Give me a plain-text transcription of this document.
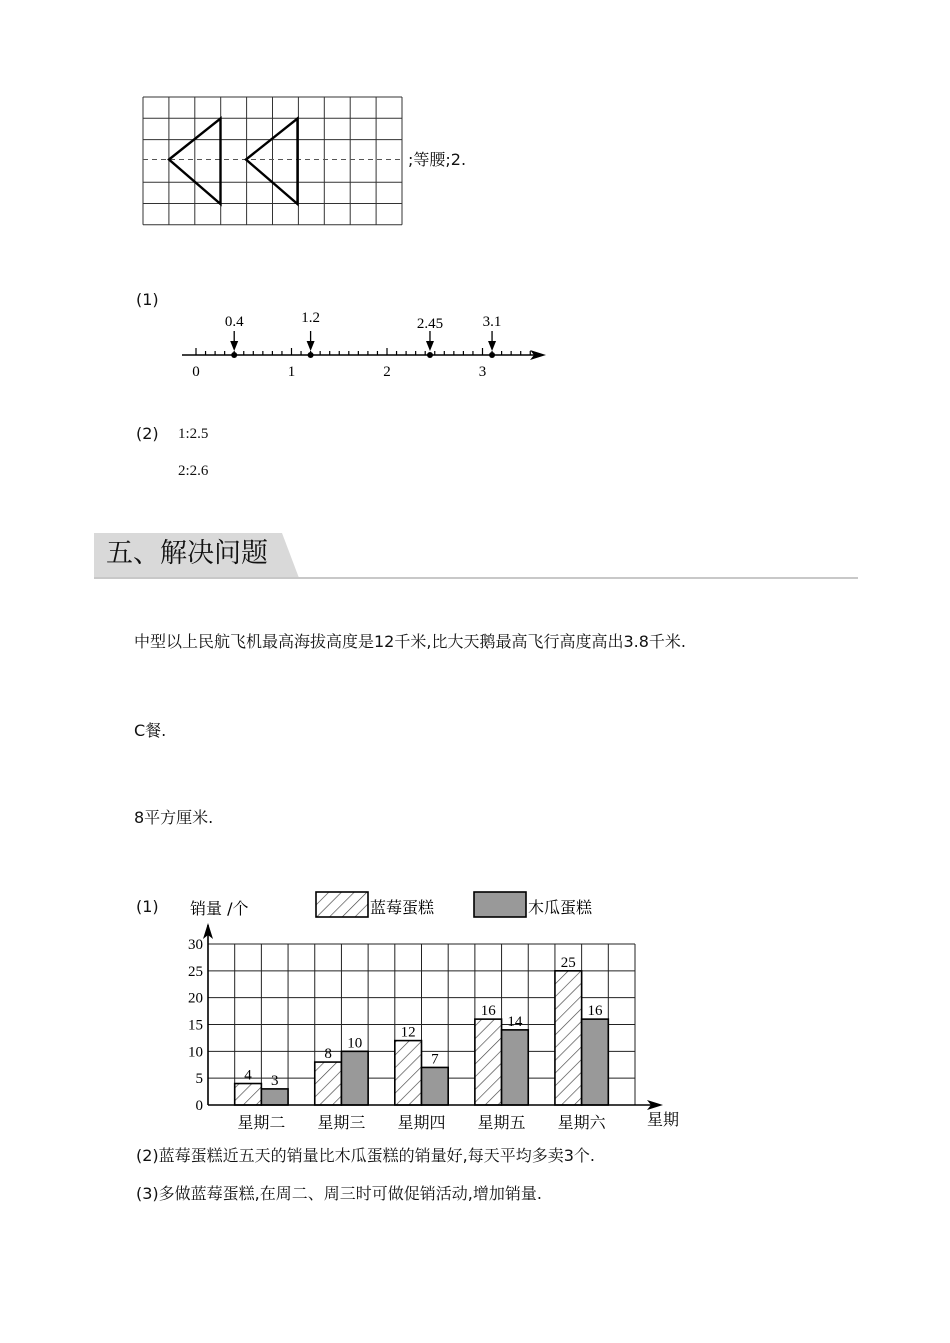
;等腰;2.
(1)
0	1	2	3
0.4	1.2	2.45	3.1
(2) 1:2.5
2:2.6
五、解决问题
中型以上民航飞机最高海拔高度是12千米,比大天鹅最高飞行高度高出3.8千米.
C餐.
8平方厘米.
(1)	蓝莓蛋糕	木瓜蛋糕
0
5
10
15
20
25
30
4 3
星期二
8
10
星期三
12
7
星期四
16
14
星期五
25
16
星期六
销量 /个
星期
(2)蓝莓蛋糕近五天的销量比木瓜蛋糕的销量好,每天平均多卖3个.
(3)多做蓝莓蛋糕,在周二、周三时可做促销活动,增加销量.
